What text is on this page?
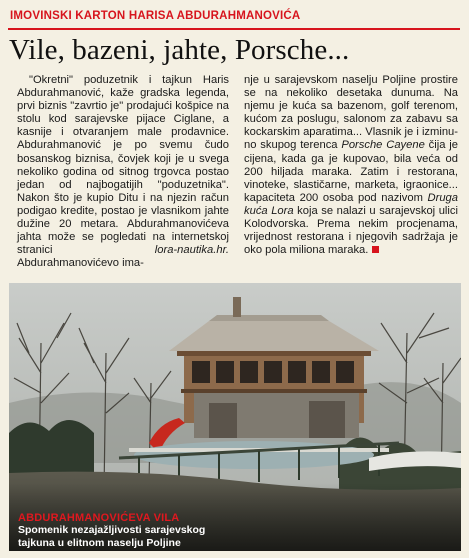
IMOVINSKI KARTON HARISA ABDURAHMANOVIĆA
Vile, bazeni, jahte, Porsche...

"Okretni" poduzetnik i tajkun Haris Abdurahmanović, kaže gradska legenda, prvi biznis "zavrtio je" prodajući košpice na stolu kod sarajevske pijace Ciglane, a kasnije i otvaranjem male prodavnice. Abdurahmanović je po svemu čudo bosanskog biznisa, čovjek koji je u svega nekoliko godina od sitnog trgovca postao jedan od najbogatijih "poduzetnika". Nakon što je kupio Ditu i na njezin račun podigao kredite, postao je vlasnikom jahte dužine 20 metara. Abdurahmanovićeva jahta može se pogledati na internetskoj stranici lora-nautika.hr. Abdurahmanovićevo ima-

nje u sarajevskom naselju Poljine prostire se na nekoliko desetaka dunuma. Na njemu je kuća sa bazenom, golf terenom, kućom za poslugu, salonom za zabavu sa kockarskim aparatima... Vlasnik je i izminu-no skupog terenca Porsche Cayene čija je cijena, kada ga je kupovao, bila veća od 200 hiljada maraka. Zatim i restorana, vinoteke, slastičarne, marketa, igraonice... kapaciteta 200 osoba pod nazivom Druga kuća Lora koja se nalazi u sarajevskoj ulici Kolodvorska. Prema nekim procjenama, vrijednost restorana i njegovih sadržaja je oko pola miliona maraka.

ABDURAHMANOVIĆEVA VILA
Spomenik nezajažljivosti sarajevskog tajkuna u elitnom naselju Poljine
